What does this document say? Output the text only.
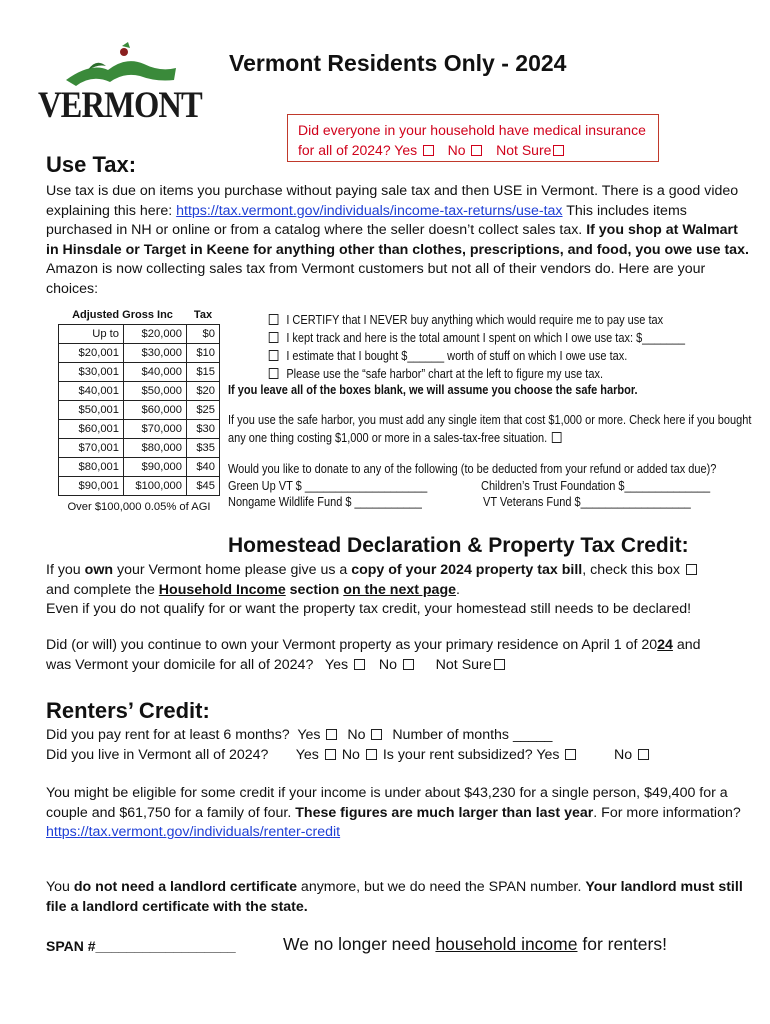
VERMONT
Vermont Residents Only - 2024
Did everyone in your household have medical insurance for all of 2024? Yes No Not Sure
Use Tax:
Use tax is due on items you purchase without paying sale tax and then USE in Vermont. There is a good video explaining this here: https://tax.vermont.gov/individuals/income-tax-returns/use-tax This includes items purchased in NH or online or from a catalog where the seller doesn’t collect sales tax. If you shop at Walmart in Hinsdale or Target in Keene for anything other than clothes, prescriptions, and food, you owe use tax. Amazon is now collecting sales tax from Vermont customers but not all of their vendors do. Here are your choices:
Adjusted Gross Inc		Tax
Up to	$20,000	$0
$20,001	$30,000	$10
$30,001	$40,000	$15
$40,001	$50,000	$20
$50,001	$60,000	$25
$60,001	$70,000	$30
$70,001	$80,000	$35
$80,001	$90,000	$40
$90,001	$100,000	$45
Over $100,000 0.05% of AGI		
I CERTIFY that I NEVER buy anything which would require me to pay use tax
I kept track and here is the total amount I spent on which I owe use tax: $_______
I estimate that I bought $______ worth of stuff on which I owe use tax.
Please use the “safe harbor” chart at the left to figure my use tax.
If you leave all of the boxes blank, we will assume you choose the safe harbor.
If you use the safe harbor, you must add any single item that cost $1,000 or more. Check here if you bought any one thing costing $1,000 or more in a sales-tax-free situation.
Would you like to donate to any of the following (to be deducted from your refund or added tax due)?
Green Up VT $ ____________________	Children’s Trust Foundation $______________
Nongame Wildlife Fund $ ___________	VT Veterans Fund $__________________
Homestead Declaration & Property Tax Credit:
If you own your Vermont home please give us a copy of your 2024 property tax bill, check this box
and complete the Household Income section on the next page.
Even if you do not qualify for or want the property tax credit, your homestead still needs to be declared!
Did (or will) you continue to own your Vermont property as your primary residence on April 1 of 2024 and
was Vermont your domicile for all of 2024? Yes No	Not Sure
Renters’ Credit:
Did you pay rent for at least 6 months? Yes No Number of months _____
Did you live in Vermont all of 2024? Yes No Is your rent subsidized? Yes	No
You might be eligible for some credit if your income is under about $43,230 for a single person, $49,400 for a couple and $61,750 for a family of four. These figures are much larger than last year. For more information?
https://tax.vermont.gov/individuals/renter-credit
You do not need a landlord certificate anymore, but we do need the SPAN number. Your landlord must still file a landlord certificate with the state.
SPAN #__________________	We no longer need household income for renters!
